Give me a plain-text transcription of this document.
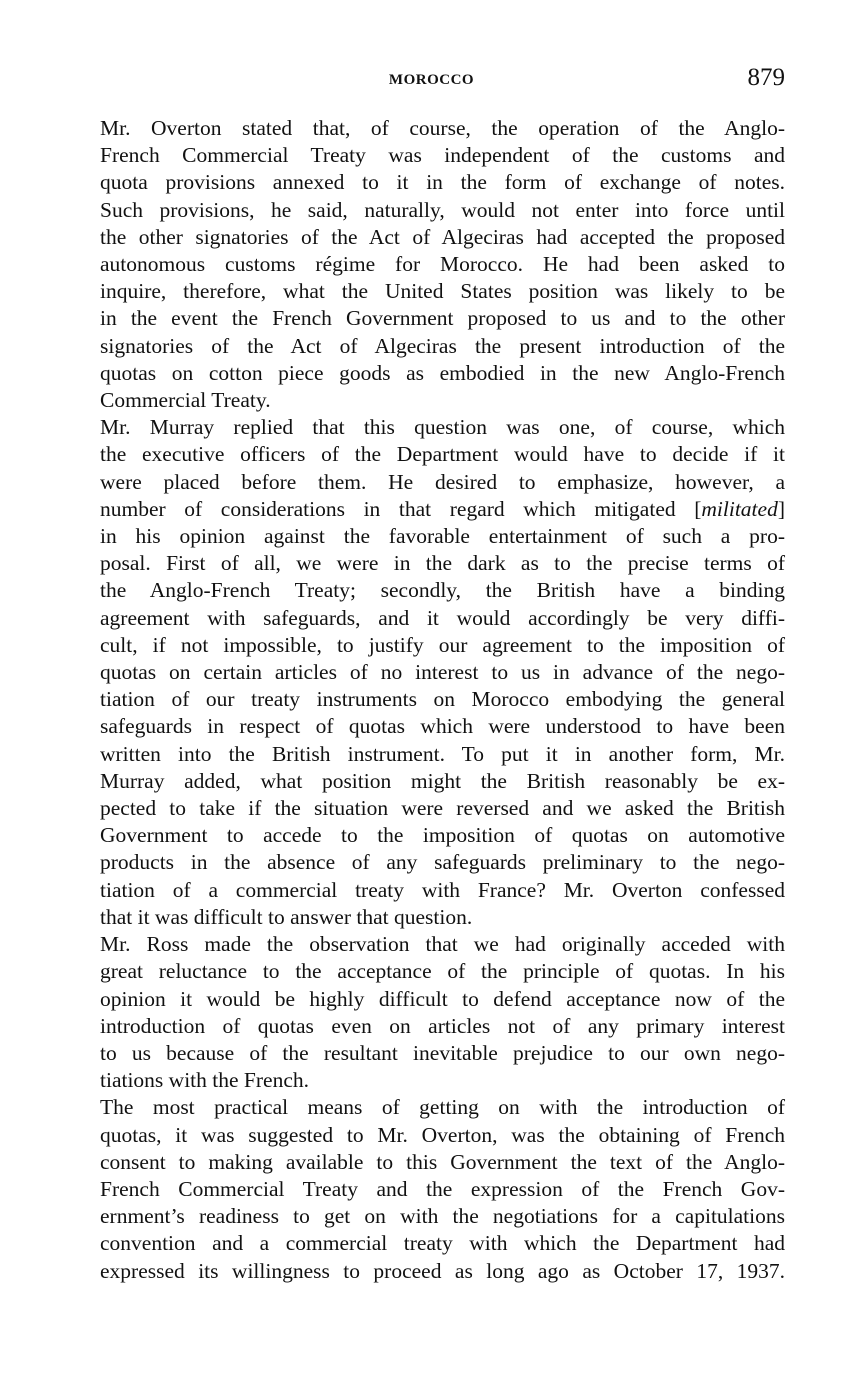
MOROCCO	879
Mr. Overton stated that, of course, the operation of the Anglo-
French Commercial Treaty was independent of the customs and
quota provisions annexed to it in the form of exchange of notes.
Such provisions, he said, naturally, would not enter into force until
the other signatories of the Act of Algeciras had accepted the proposed
autonomous customs régime for Morocco. He had been asked to
inquire, therefore, what the United States position was likely to be
in the event the French Government proposed to us and to the other
signatories of the Act of Algeciras the present introduction of the
quotas on cotton piece goods as embodied in the new Anglo-French
Commercial Treaty.
Mr. Murray replied that this question was one, of course, which
the executive officers of the Department would have to decide if it
were placed before them. He desired to emphasize, however, a
number of considerations in that regard which mitigated [militated]
in his opinion against the favorable entertainment of such a pro-
posal. First of all, we were in the dark as to the precise terms of
the Anglo-French Treaty; secondly, the British have a binding
agreement with safeguards, and it would accordingly be very diffi-
cult, if not impossible, to justify our agreement to the imposition of
quotas on certain articles of no interest to us in advance of the nego-
tiation of our treaty instruments on Morocco embodying the general
safeguards in respect of quotas which were understood to have been
written into the British instrument. To put it in another form, Mr.
Murray added, what position might the British reasonably be ex-
pected to take if the situation were reversed and we asked the British
Government to accede to the imposition of quotas on automotive
products in the absence of any safeguards preliminary to the nego-
tiation of a commercial treaty with France? Mr. Overton confessed
that it was difficult to answer that question.
Mr. Ross made the observation that we had originally acceded with
great reluctance to the acceptance of the principle of quotas. In his
opinion it would be highly difficult to defend acceptance now of the
introduction of quotas even on articles not of any primary interest
to us because of the resultant inevitable prejudice to our own nego-
tiations with the French.
The most practical means of getting on with the introduction of
quotas, it was suggested to Mr. Overton, was the obtaining of French
consent to making available to this Government the text of the Anglo-
French Commercial Treaty and the expression of the French Gov-
ernment’s readiness to get on with the negotiations for a capitulations
convention and a commercial treaty with which the Department had
expressed its willingness to proceed as long ago as October 17, 1937.
